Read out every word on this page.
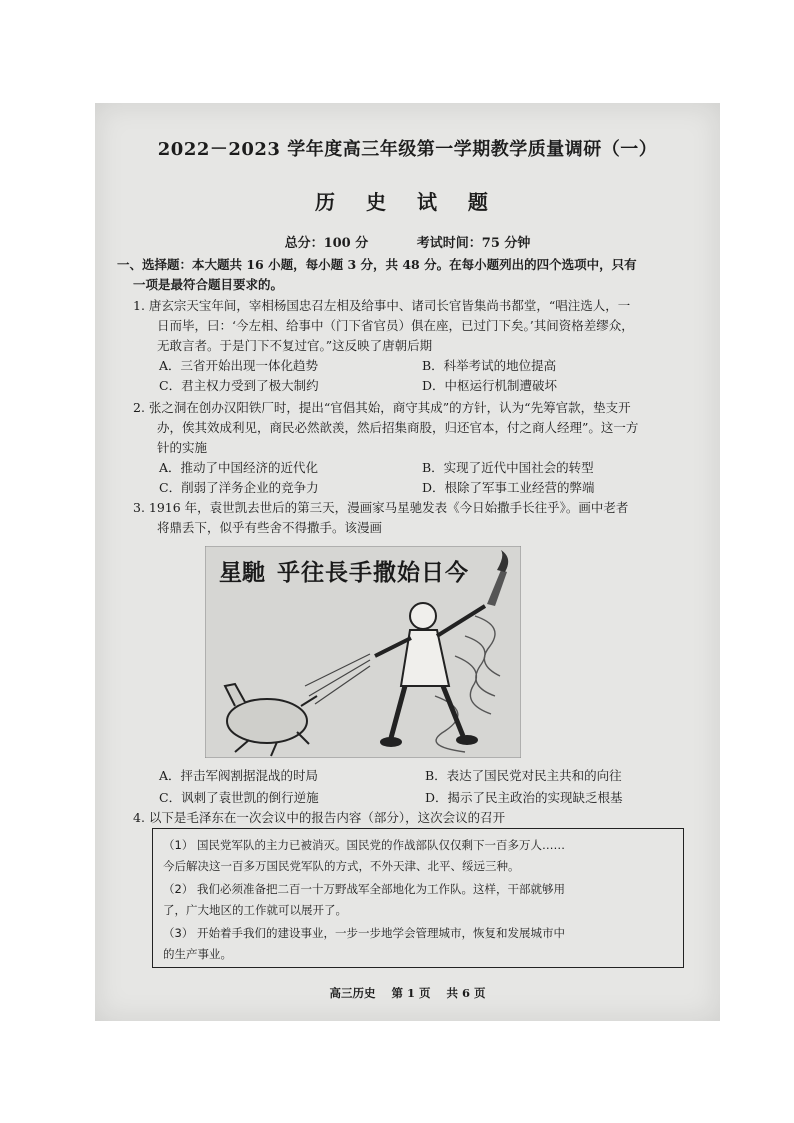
2022－2023 学年度高三年级第一学期教学质量调研（一）
历 史 试 题
总分：100 分	考试时间：75 分钟
一、选择题：本大题共 16 小题，每小题 3 分，共 48 分。在每小题列出的四个选项中，只有
一项是最符合题目要求的。
1. 唐玄宗天宝年间，宰相杨国忠召左相及给事中、诸司长官皆集尚书都堂，“唱注选人，一
日而毕，曰：‘今左相、给事中（门下省官员）俱在座，已过门下矣。’其间资格差缪众，
无敢言者。于是门下不复过官。”这反映了唐朝后期
A．三省开始出现一体化趋势	B．科举考试的地位提高
C．君主权力受到了极大制约	D．中枢运行机制遭破坏
2. 张之洞在创办汉阳铁厂时，提出“官倡其始，商守其成”的方针，认为“先筹官款，垫支开
办，俟其效成利见，商民必然歆羡，然后招集商股，归还官本，付之商人经理”。这一方
针的实施
A．推动了中国经济的近代化	B．实现了近代中国社会的转型
C．削弱了洋务企业的竞争力	D．根除了军事工业经营的弊端
3. 1916 年，袁世凯去世后的第三天，漫画家马星驰发表《今日始撒手长往乎》。画中老者
将鼎丢下，似乎有些舍不得撒手。该漫画
星馳 乎往長手撒始日今
A．抨击军阀割据混战的时局	B．表达了国民党对民主共和的向往
C．讽刺了袁世凯的倒行逆施	D．揭示了民主政治的实现缺乏根基
4. 以下是毛泽东在一次会议中的报告内容（部分），这次会议的召开
（1） 国民党军队的主力已被消灭。国民党的作战部队仅仅剩下一百多万人……
今后解决这一百多万国民党军队的方式，不外天津、北平、绥远三种。
（2） 我们必须准备把二百一十万野战军全部地化为工作队。这样，干部就够用
了，广大地区的工作就可以展开了。
（3） 开始着手我们的建设事业，一步一步地学会管理城市，恢复和发展城市中
的生产事业。
高三历史 第 1 页 共 6 页
